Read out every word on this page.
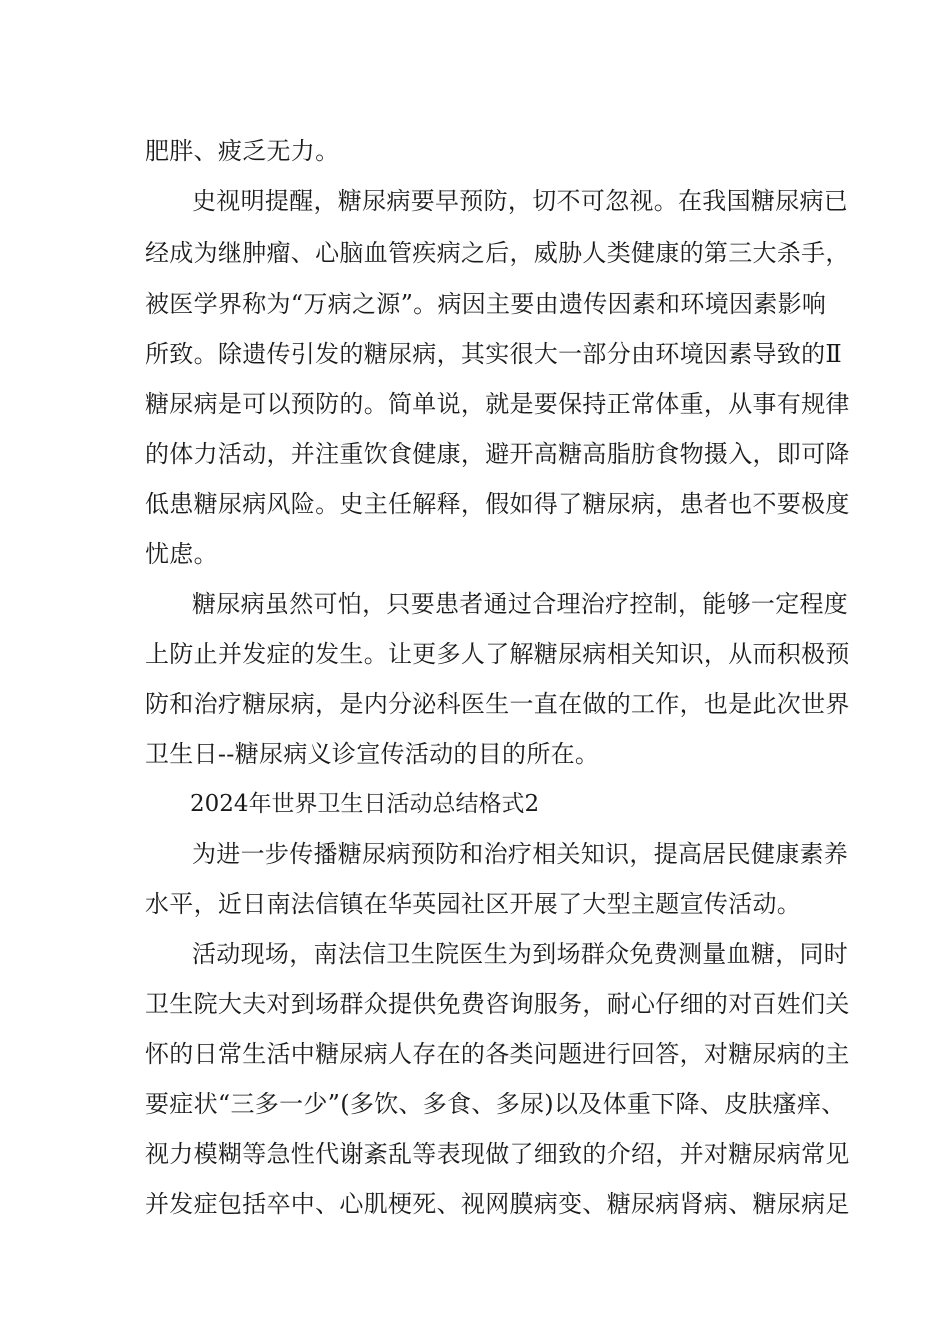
肥胖、疲乏无力。
史视明提醒，糖尿病要早预防，切不可忽视。在我国糖尿病已
经成为继肿瘤、心脑血管疾病之后，威胁人类健康的第三大杀手，
被医学界称为“万病之源”。病因主要由遗传因素和环境因素影响
所致。除遗传引发的糖尿病，其实很大一部分由环境因素导致的Ⅱ
糖尿病是可以预防的。简单说，就是要保持正常体重，从事有规律
的体力活动，并注重饮食健康，避开高糖高脂肪食物摄入，即可降
低患糖尿病风险。史主任解释，假如得了糖尿病，患者也不要极度
忧虑。
糖尿病虽然可怕，只要患者通过合理治疗控制，能够一定程度
上防止并发症的发生。让更多人了解糖尿病相关知识，从而积极预
防和治疗糖尿病，是内分泌科医生一直在做的工作，也是此次世界
卫生日--糖尿病义诊宣传活动的目的所在。
2024年世界卫生日活动总结格式2
为进一步传播糖尿病预防和治疗相关知识，提高居民健康素养
水平，近日南法信镇在华英园社区开展了大型主题宣传活动。
活动现场，南法信卫生院医生为到场群众免费测量血糖，同时
卫生院大夫对到场群众提供免费咨询服务，耐心仔细的对百姓们关
怀的日常生活中糖尿病人存在的各类问题进行回答，对糖尿病的主
要症状“三多一少”(多饮、多食、多尿)以及体重下降、皮肤瘙痒、
视力模糊等急性代谢紊乱等表现做了细致的介绍，并对糖尿病常见
并发症包括卒中、心肌梗死、视网膜病变、糖尿病肾病、糖尿病足
